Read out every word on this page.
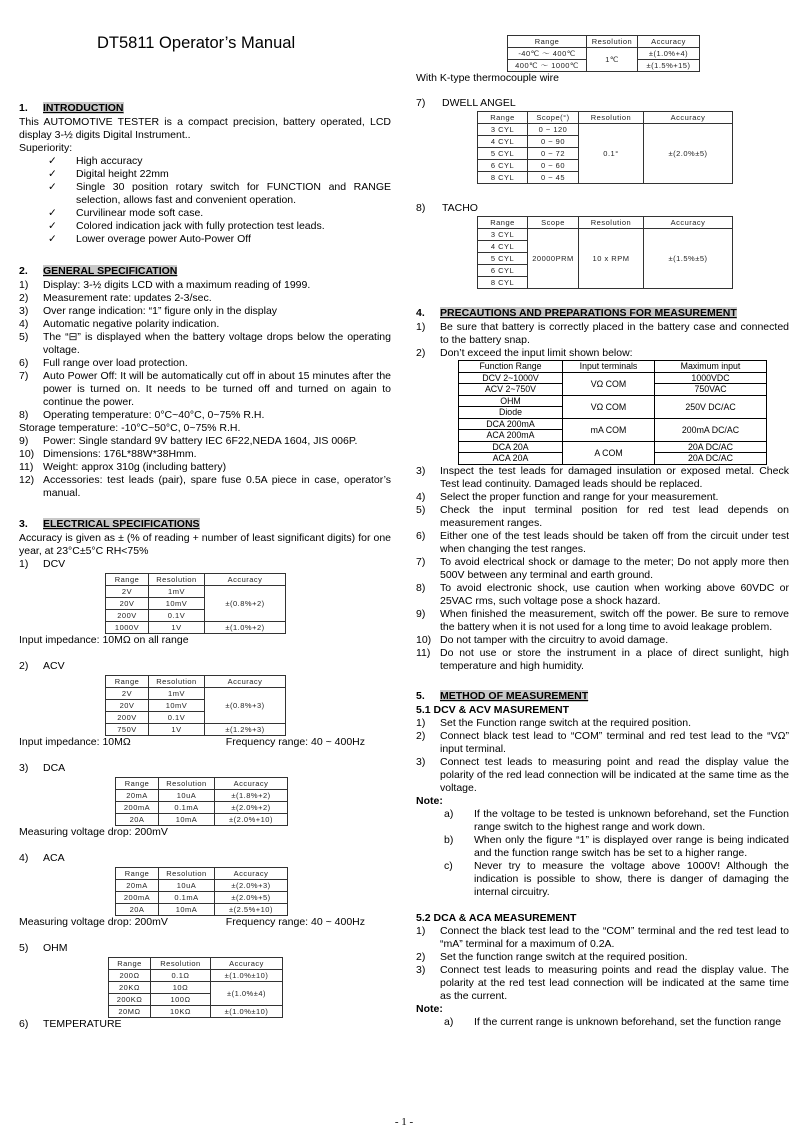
DT5811 Operator’s Manual
1. INTRODUCTION

This AUTOMOTIVE TESTER is a compact precision, battery operated, LCD display 3-½ digits Digital Instrument..

Superiority:

✓	High accuracy
✓	Digital height 22mm
✓	Single 30 position rotary switch for FUNCTION and RANGE selection, allows fast and convenient operation.
✓	Curvilinear mode soft case.
✓	Colored indication jack with fully protection test leads.
✓	Lower overage power Auto-Power Off
2. GENERAL SPECIFICATION
1)	Display: 3-½ digits LCD with a maximum reading of 1999.
2)	Measurement rate: updates 2-3/sec.
3)	Over range indication: “1” figure only in the display
4)	Automatic negative polarity indication.
5)	The “⊟” is displayed when the battery voltage drops below the operating voltage.
6)	Full range over load protection.
7)	Auto Power Off: It will be automatically cut off in about 15 minutes after the power is turned on. It needs to be turned off and turned on again to continue the power.
8)	Operating temperature: 0°C~40°C, 0~75% R.H.
Storage temperature: -10°C~50°C, 0~75% R.H.
9)	Power: Single standard 9V battery IEC 6F22,NEDA 1604, JIS 006P.
10) Dimensions: 176L*88W*38Hmm.
11) Weight: approx 310g (including battery)
12) Accessories: test leads (pair), spare fuse 0.5A piece in case, operator’s manual.
3. ELECTRICAL SPECIFICATIONS

Accuracy is given as ± (% of reading + number of least significant digits) for one year, at 23°C±5°C RH<75%

1)	DCV
Range	Resolution	Accuracy
2V	1mV	±(0.8%+2)
20V	10mV	
200V	0.1V	
1000V	1V	±(1.0%+2)

Input impedance: 10MΩ on all range

2)	ACV
Range	Resolution	Accuracy
2V	1mV	±(0.8%+3)
20V	10mV	
200V	0.1V	
750V	1V	±(1.2%+3)
Input impedance: 10MΩ	Frequency range: 40 ~ 400Hz
3)	DCA
Range	Resolution	Accuracy
20mA	10uA	±(1.8%+2)
200mA	0.1mA	±(2.0%+2)
20A	10mA	±(2.0%+10)

Measuring voltage drop: 200mV

4)	ACA
Range	Resolution	Accuracy
20mA	10uA	±(2.0%+3)
200mA	0.1mA	±(2.0%+5)
20A	10mA	±(2.5%+10)
Measuring voltage drop: 200mV	Frequency range: 40 ~ 400Hz
5)	OHM
Range	Resolution	Accuracy
200Ω	0.1Ω	±(1.0%±10)
20KΩ	10Ω	±(1.0%±4)
200KΩ	100Ω	
20MΩ	10KΩ	±(1.0%±10)
6)	TEMPERATURE
Range	Resolution	Accuracy
-40℃ ～ 400℃	1℃	±(1.0%+4)
400℃ ～ 1000℃		±(1.5%+15)

With K-type thermocouple wire

7)	DWELL ANGEL
Range	Scope(°)	Resolution	Accuracy
3 CYL	0 ~ 120	0.1°	±(2.0%±5)
4 CYL	0 ~ 90		
5 CYL	0 ~ 72		
6 CYL	0 ~ 60		
8 CYL	0 ~ 45		
8)	TACHO
Range	Scope	Resolution	Accuracy
3 CYL	20000PRM	10 x RPM	±(1.5%±5)
4 CYL			
5 CYL			
6 CYL			
8 CYL			
4. PRECAUTIONS AND PREPARATIONS FOR MEASUREMENT
1)	Be sure that battery is correctly placed in the battery case and connected to the battery snap.
2)	Don’t exceed the input limit shown below:
Function Range	Input terminals	Maximum input
DCV 2~1000V	VΩ COM	1000VDC
ACV 2~750V		750VAC
OHM	VΩ COM	250V DC/AC
Diode		
DCA 200mA	mA COM	200mA DC/AC
ACA 200mA		
DCA 20A	A COM	20A DC/AC
ACA 20A		20A DC/AC
3)	Inspect the test leads for damaged insulation or exposed metal. Check Test lead continuity. Damaged leads should be replaced.
4)	Select the proper function and range for your measurement.
5)	Check the input terminal position for red test lead depends on measurement ranges.
6)	Either one of the test leads should be taken off from the circuit under test when changing the test ranges.
7)	To avoid electrical shock or damage to the meter; Do not apply more then 500V between any terminal and earth ground.
8)	To avoid electronic shock, use caution when working above 60VDC or 25VAC rms, such voltage pose a shock hazard.
9)	When finished the measurement, switch off the power. Be sure to remove the battery when it is not used for a long time to avoid leakage problem.
10) Do not tamper with the circuitry to avoid damage.
11) Do not use or store the instrument in a place of direct sunlight, high temperature and high humidity.
5. METHOD OF MEASUREMENT

5.1 DCV & ACV MASUREMENT

1)	Set the Function range switch at the required position.
2)	Connect black test lead to “COM” terminal and red test lead to the “VΩ” input terminal.
3)	Connect test leads to measuring point and read the display value the polarity of the red lead connection will be indicated at the same time as the voltage.

Note:

a)	If the voltage to be tested is unknown beforehand, set the Function range switch to the highest range and work down.
b)	When only the figure “1” is displayed over range is being indicated and the function range switch has be set to a higher range.
c)	Never try to measure the voltage above 1000V! Although the indication is possible to show, there is danger of damaging the internal circuitry.

5.2 DCA & ACA MEASUREMENT

1)	Connect the black test lead to the “COM” terminal and the red test lead to “mA” terminal for a maximum of 0.2A.
2)	Set the function range switch at the required position.
3)	Connect test leads to measuring points and read the display value. The polarity at the red test lead connection will be indicated at the same time as the current.

Note:

a)	If the current range is unknown beforehand, set the function range
- 1 -
